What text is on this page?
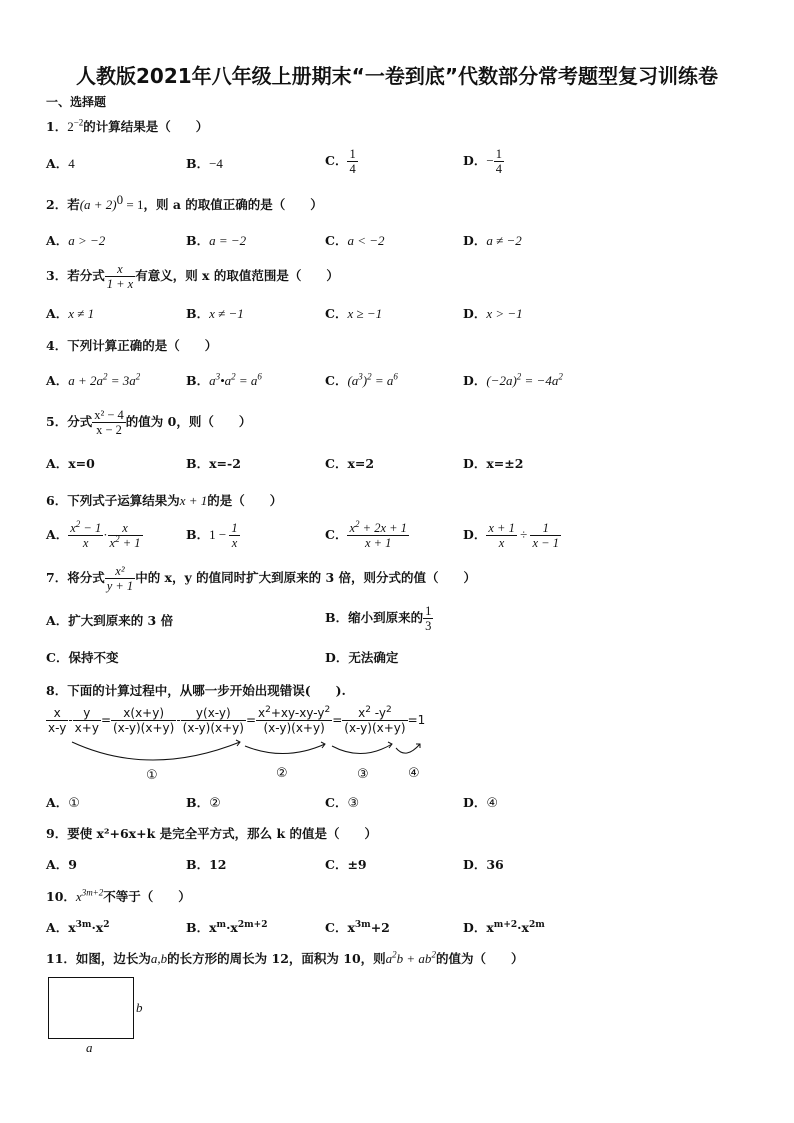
人教版2021年八年级上册期末“一卷到底”代数部分常考题型复习训练卷
一、选择题
1．$2^{-2}$的计算结果是（　　）
A．4	B．−4	C． $\frac{1}{4}$	D．− $\frac{1}{4}$
2．若$(a + 2)^0 = 1$，则 a 的取值正确的是（　　）
A．a > −2	B．a = −2	C．a < −2	D．a ≠ −2
3．若分式 $\frac{x}{1 + x}$ 有意义，则 x 的取值范围是（　　）
A．x ≠ 1	B．x ≠ −1	C．x ≥ −1	D．x > −1
4．下列计算正确的是（　　）
A．$a + 2a^2 = 3a^2$	B．$a^3•a^2 = a^6$	C．$(a^3)^2 = a^6$	D．$(-2a)^2 = -4a^2$
5．分式 $\frac{\text{x² − 4}}{x - 2}$ 的值为 0，则（　　）
A．x=0	B．x=-2	C．x=2	D．x=±2
6．下列式子运算结果为x + 1的是（　　）
A． $\frac{x^2 - 1}{x} \cdot \frac{x}{x^2 + 1}$	B．$1 - \frac{1}{x}$	C． $\frac{x^2 + 2x + 1}{x + 1}$	D． $\frac{x + 1}{x} \div \frac{1}{x - 1}$
7．将分式 $\frac{\text{x²}}{y + 1}$ 中的 x，y 的值同时扩大到原来的 3 倍，则分式的值（　　）
A．扩大到原来的 3 倍	B．缩小到原来的 $\frac{1}{3}$
C．保持不变	D．无法确定
8．下面的计算过程中，从哪一步开始出现错误(　　).
$\frac{x}{x-y} - \frac{y}{x+y} = \frac{x(x+y)}{(x-y)(x+y)} - \frac{y(x-y)}{(x-y)(x+y)} = \frac{x^2+xy-xy-y^2}{(x-y)(x+y)} = \frac{x^2 -y^2}{(x-y)(x+y)} =1$
①	②	③	④
A．①	B．②	C．③	D．④
9．要使 x²+6x+k 是完全平方式，那么 k 的值是（　　）
A．9	B．12	C．±9	D．36
10．$x^{3m+2}$不等于（　　）
A．$x^{3m}\cdot x^2$	B．$x^m\cdot x^{2m+2}$	C．$x^{3m}+2$	D．$x^{m+2}\cdot x^{2m}$
11．如图，边长为a,b的长方形的周长为 12，面积为 10，则$a^2b + ab^2$的值为（　　）
b
a
